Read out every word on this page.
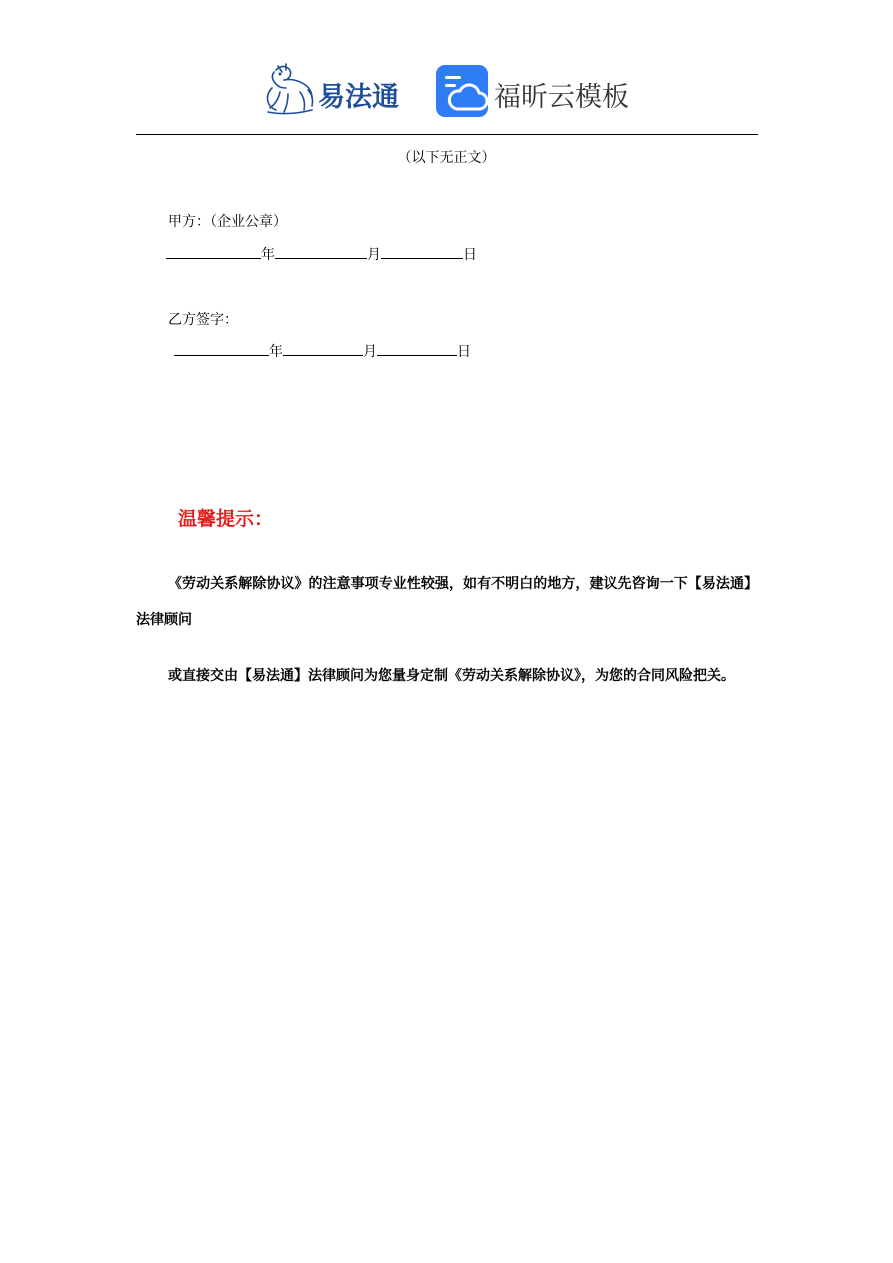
易法通	福昕云模板
（以下无正文）
甲方：（企业公章）
年	月	日
乙方签字：
年	月	日
温馨提示：
《劳动关系解除协议》的注意事项专业性较强，如有不明白的地方，建议先咨询一下【易法通】法律顾问
或直接交由【易法通】法律顾问为您量身定制《劳动关系解除协议》，为您的合同风险把关。
